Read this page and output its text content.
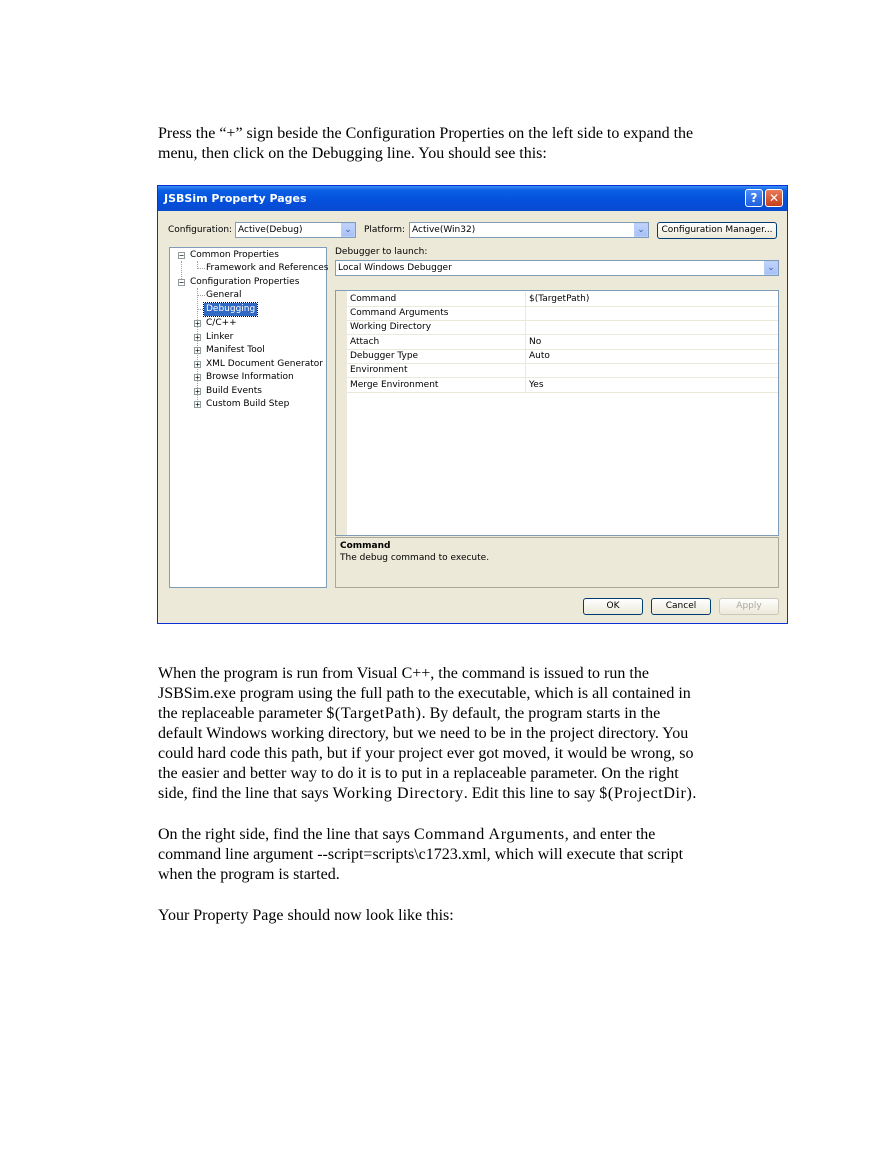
Press the “+” sign beside the Configuration Properties on the left side to expand the
menu, then click on the Debugging line. You should see this:
JSBSim Property Pages	? ✕
Configuration: Active(Debug)	⌄	Platform: Active(Win32)	⌄	Configuration Manager...
− Common Properties
Framework and References
− Configuration Properties
General
Debugging
+ C/C++
+ Linker
+ Manifest Tool
+ XML Document Generator
+ Browse Information
+ Build Events
+ Custom Build Step
Debugger to launch:
Local Windows Debugger	⌄
Command	$(TargetPath)
Command Arguments
Working Directory
Attach	No
Debugger Type	Auto
Environment
Merge Environment	Yes
Command
The debug command to execute.
OK	Cancel	Apply
When the program is run from Visual C++, the command is issued to run the
JSBSim.exe program using the full path to the executable, which is all contained in
the replaceable parameter $(TargetPath). By default, the program starts in the
default Windows working directory, but we need to be in the project directory. You
could hard code this path, but if your project ever got moved, it would be wrong, so
the easier and better way to do it is to put in a replaceable parameter. On the right
side, find the line that says Working Directory. Edit this line to say $(ProjectDir).
On the right side, find the line that says Command Arguments, and enter the
command line argument --script=scripts\c1723.xml, which will execute that script
when the program is started.
Your Property Page should now look like this:
